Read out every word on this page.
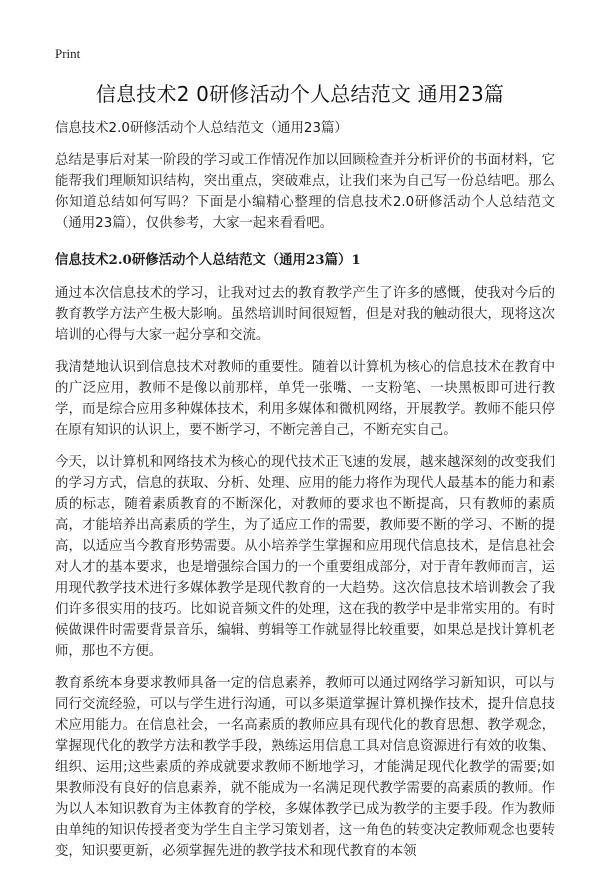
Print
信息技术2 0研修活动个人总结范文 通用23篇

信息技术2.0研修活动个人总结范文（通用23篇）

总结是事后对某一阶段的学习或工作情况作加以回顾检查并分析评价的书面材料，它能帮我们理顺知识结构，突出重点，突破难点，让我们来为自己写一份总结吧。那么你知道总结如何写吗？下面是小编精心整理的信息技术2.0研修活动个人总结范文（通用23篇），仅供参考，大家一起来看看吧。

信息技术2.0研修活动个人总结范文（通用23篇）1

通过本次信息技术的学习，让我对过去的教育教学产生了许多的感慨，使我对今后的教育教学方法产生极大影响。虽然培训时间很短暂，但是对我的触动很大，现将这次培训的心得与大家一起分享和交流。

我清楚地认识到信息技术对教师的重要性。随着以计算机为核心的信息技术在教育中的广泛应用，教师不是像以前那样，单凭一张嘴、一支粉笔、一块黑板即可进行教学，而是综合应用多种媒体技术，利用多媒体和微机网络，开展教学。教师不能只停在原有知识的认识上，要不断学习，不断完善自己，不断充实自己。

今天，以计算机和网络技术为核心的现代技术正飞速的发展，越来越深刻的改变我们的学习方式，信息的获取、分析、处理、应用的能力将作为现代人最基本的能力和素质的标志，随着素质教育的不断深化，对教师的要求也不断提高，只有教师的素质高，才能培养出高素质的学生，为了适应工作的需要，教师要不断的学习、不断的提高，以适应当今教育形势需要。从小培养学生掌握和应用现代信息技术，是信息社会对人才的基本要求，也是增强综合国力的一个重要组成部分，对于青年教师而言，运用现代教学技术进行多媒体教学是现代教育的一大趋势。这次信息技术培训教会了我们许多很实用的技巧。比如说音频文件的处理，这在我的教学中是非常实用的。有时候做课件时需要背景音乐，编辑、剪辑等工作就显得比较重要，如果总是找计算机老师，那也不方便。

教育系统本身要求教师具备一定的信息素养，教师可以通过网络学习新知识，可以与同行交流经验，可以与学生进行沟通，可以多渠道掌握计算机操作技术，提升信息技术应用能力。在信息社会，一名高素质的教师应具有现代化的教育思想、教学观念，掌握现代化的教学方法和教学手段，熟练运用信息工具对信息资源进行有效的收集、组织、运用;这些素质的养成就要求教师不断地学习，才能满足现代化教学的需要;如果教师没有良好的信息素养，就不能成为一名满足现代教学需要的高素质的教师。作为以人本知识教育为主体教育的学校，多媒体教学已成为教学的主要手段。作为教师由单纯的知识传授者变为学生自主学习策划者，这一角色的转变决定教师观念也要转变，知识要更新，必须掌握先进的教学技术和现代教育的本领
